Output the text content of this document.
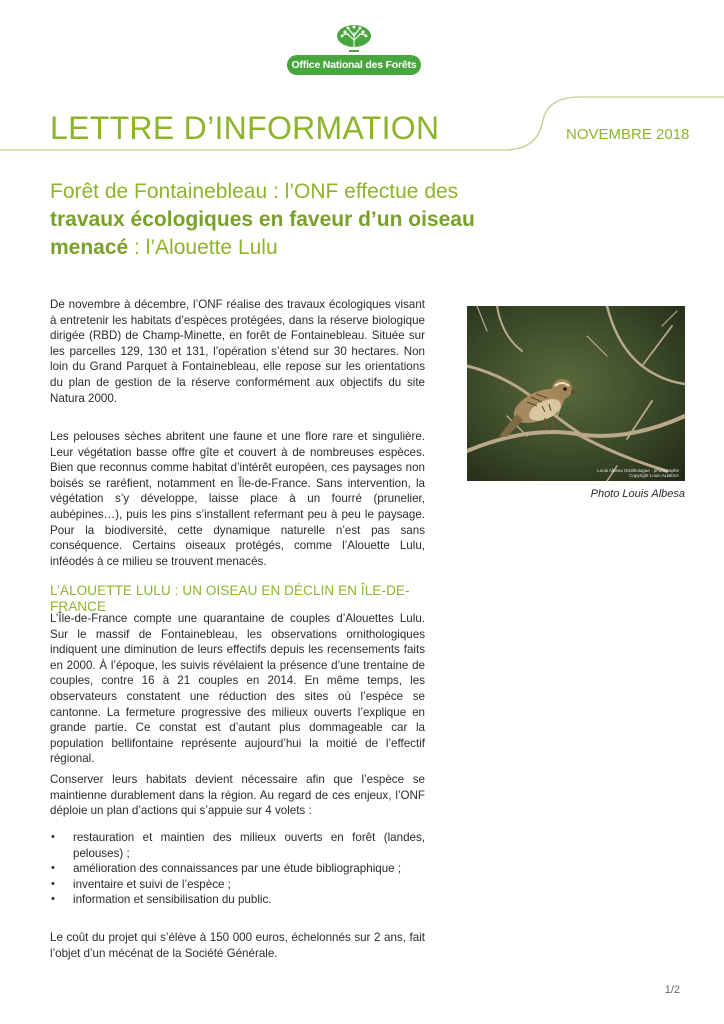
Office National des Forêts
LETTRE D’INFORMATION	NOVEMBRE 2018
Forêt de Fontainebleau : l’ONF effectue des travaux écologiques en faveur d’un oiseau menacé : l’Alouette Lulu

De novembre à décembre, l’ONF réalise des travaux écologiques visant à entretenir les habitats d’espèces protégées, dans la réserve biologique dirigée (RBD) de Champ-Minette, en forêt de Fontainebleau. Située sur les parcelles 129, 130 et 131, l’opération s’étend sur 30 hectares. Non loin du Grand Parquet à Fontainebleau, elle repose sur les orientations du plan de gestion de la réserve conformément aux objectifs du site Natura 2000.

Les pelouses sèches abritent une faune et une flore rare et singulière. Leur végétation basse offre gîte et couvert à de nombreuses espèces. Bien que reconnus comme habitat d’intérêt européen, ces paysages non boisés se raréfient, notamment en Île-de-France. Sans intervention, la végétation s’y développe, laisse place à un fourré (prunelier, aubépines…), puis les pins s’installent refermant peu à peu le paysage. Pour la biodiversité, cette dynamique naturelle n’est pas sans conséquence. Certains oiseaux protégés, comme l’Alouette Lulu, inféodés à ce milieu se trouvent menacés.

L’ALOUETTE LULU : UN OISEAU EN DÉCLIN EN ÎLE-DE-FRANCE

L’Île-de-France compte une quarantaine de couples d’Alouettes Lulu. Sur le massif de Fontainebleau, les observations ornithologiques indiquent une diminution de leurs effectifs depuis les recensements faits en 2000. À l’époque, les suivis révélaient la présence d’une trentaine de couples, contre 16 à 21 couples en 2014. En même temps, les observateurs constatent une réduction des sites où l’espèce se cantonne. La fermeture progressive des milieux ouverts l’explique en grande partie. Ce constat est d’autant plus dommageable car la population bellifontaine représente aujourd’hui la moitié de l’effectif régional.

Conserver leurs habitats devient nécessaire afin que l’espèce se maintienne durablement dans la région. Au regard de ces enjeux, l’ONF déploie un plan d’actions qui s’appuie sur 4 volets :

• restauration et maintien des milieux ouverts en forêt (landes, pelouses) ;
• amélioration des connaissances par une étude bibliographique ;
• inventaire et suivi de l’espèce ;
• information et sensibilisation du public.

Le coût du projet qui s’élève à 150 000 euros, échelonnés sur 2 ans, fait l’objet d’un mécénat de la Société Générale.

Louis Albesa Ornithologue · photographe
Copyright Louis ALBESA
Photo Louis Albesa
1/2
